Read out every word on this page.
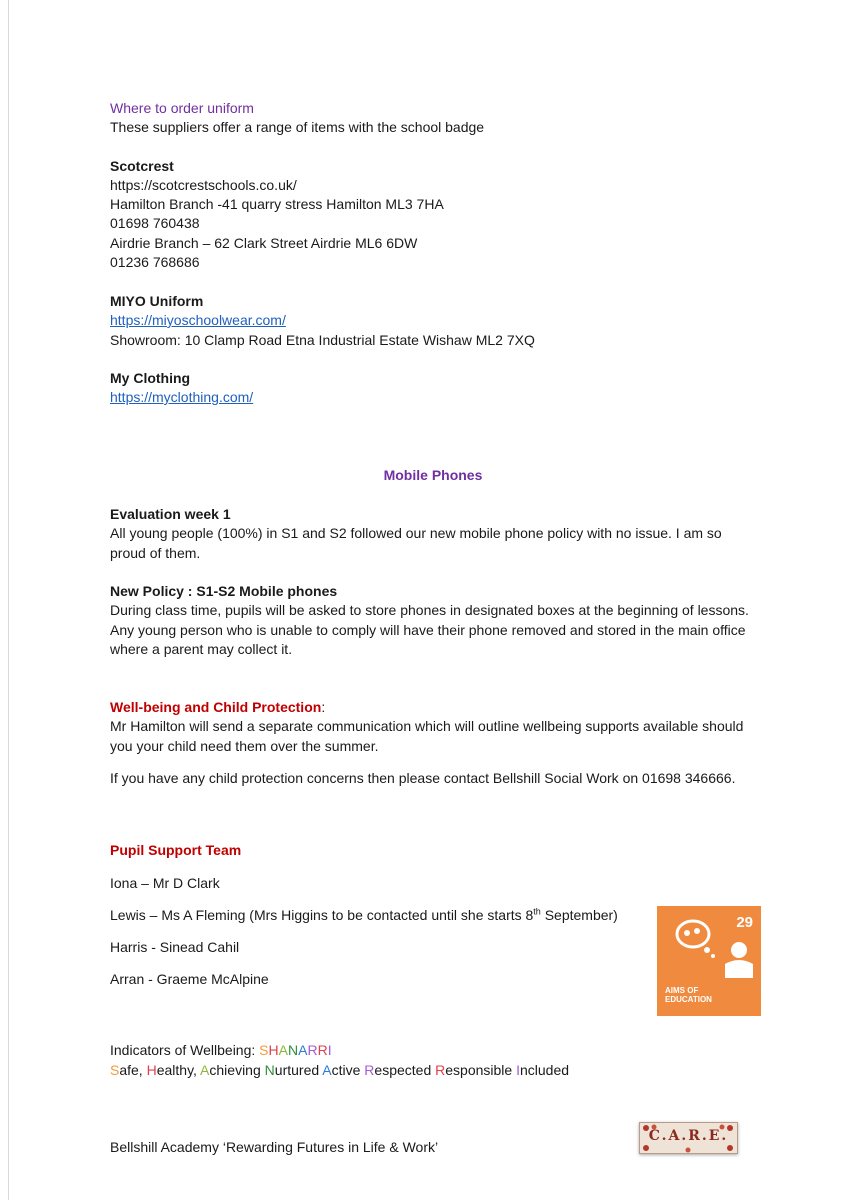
Where to order uniform
These suppliers offer a range of items with the school badge
Scotcrest
https://scotcrestschools.co.uk/
Hamilton Branch -41 quarry stress Hamilton ML3 7HA
01698 760438
Airdrie Branch – 62 Clark Street Airdrie ML6 6DW
01236 768686
MIYO Uniform
https://miyoschoolwear.com/
Showroom: 10 Clamp Road Etna Industrial Estate Wishaw ML2 7XQ
My Clothing
https://myclothing.com/
Mobile Phones
Evaluation week 1
All young people (100%) in S1 and S2 followed our new mobile phone policy with no issue. I am so proud of them.
New Policy : S1-S2 Mobile phones
During class time, pupils will be asked to store phones in designated boxes at the beginning of lessons. Any young person who is unable to comply will have their phone removed and stored in the main office where a parent may collect it.
Well-being and Child Protection:
Mr Hamilton will send a separate communication which will outline wellbeing supports available should you your child need them over the summer.
If you have any child protection concerns then please contact Bellshill Social Work on 01698 346666.
Pupil Support Team
Iona – Mr D Clark
Lewis – Ms A Fleming (Mrs Higgins to be contacted until she starts 8th September)
Harris - Sinead Cahil
Arran - Graeme McAlpine
Indicators of Wellbeing: SHANARRI
Safe, Healthy, Achieving Nurtured Active Respected Responsible Included
Bellshill Academy ‘Rewarding Futures in Life & Work’
29
AIMS OF
EDUCATION
C.A.R.E.
